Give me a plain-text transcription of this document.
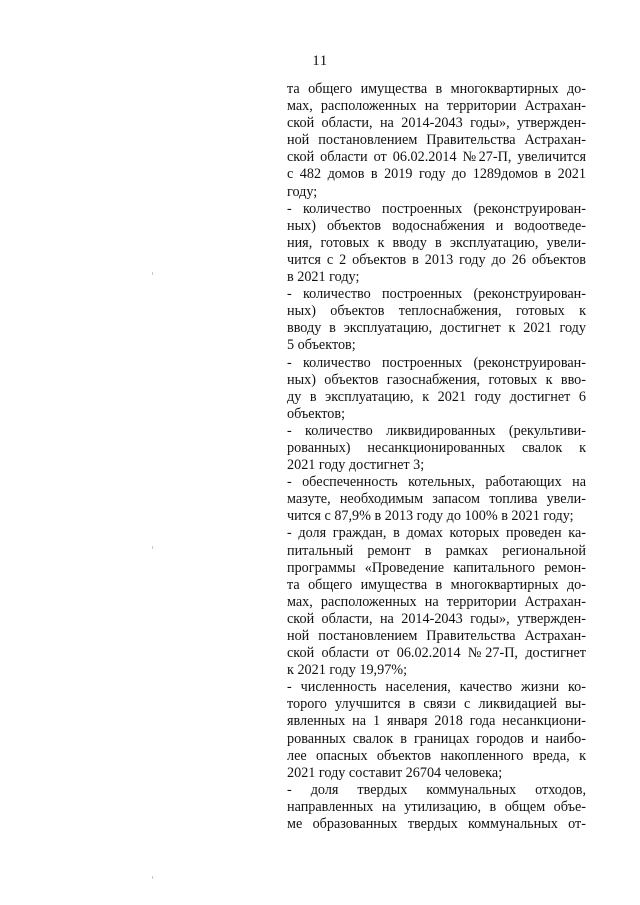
11
та общего имущества в многоквартирных до-
мах, расположенных на территории Астрахан-
ской области, на 2014-2043 годы», утвержден-
ной постановлением Правительства Астрахан-
ской области от 06.02.2014 №27-П, увеличится
с 482 домов в 2019 году до 1289домов в 2021
году;
- количество построенных (реконструирован-
ных) объектов водоснабжения и водоотведе-
ния, готовых к вводу в эксплуатацию, увели-
чится с 2 объектов в 2013 году до 26 объектов
в 2021 году;
- количество построенных (реконструирован-
ных) объектов теплоснабжения, готовых к
вводу в эксплуатацию, достигнет к 2021 году
5 объектов;
- количество построенных (реконструирован-
ных) объектов газоснабжения, готовых к вво-
ду в эксплуатацию, к 2021 году достигнет 6
объектов;
- количество ликвидированных (рекультиви-
рованных) несанкционированных свалок к
2021 году достигнет 3;
- обеспеченность котельных, работающих на
мазуте, необходимым запасом топлива увели-
чится с 87,9% в 2013 году до 100% в 2021 году;
- доля граждан, в домах которых проведен ка-
питальный ремонт в рамках региональной
программы «Проведение капитального ремон-
та общего имущества в многоквартирных до-
мах, расположенных на территории Астрахан-
ской области, на 2014-2043 годы», утвержден-
ной постановлением Правительства Астрахан-
ской области от 06.02.2014 №27-П, достигнет
к 2021 году 19,97%;
- численность населения, качество жизни ко-
торого улучшится в связи с ликвидацией вы-
явленных на 1 января 2018 года несанкциони-
рованных свалок в границах городов и наибо-
лее опасных объектов накопленного вреда, к
2021 году составит 26704 человека;
- доля твердых коммунальных отходов,
направленных на утилизацию, в общем объе-
ме образованных твердых коммунальных от-
